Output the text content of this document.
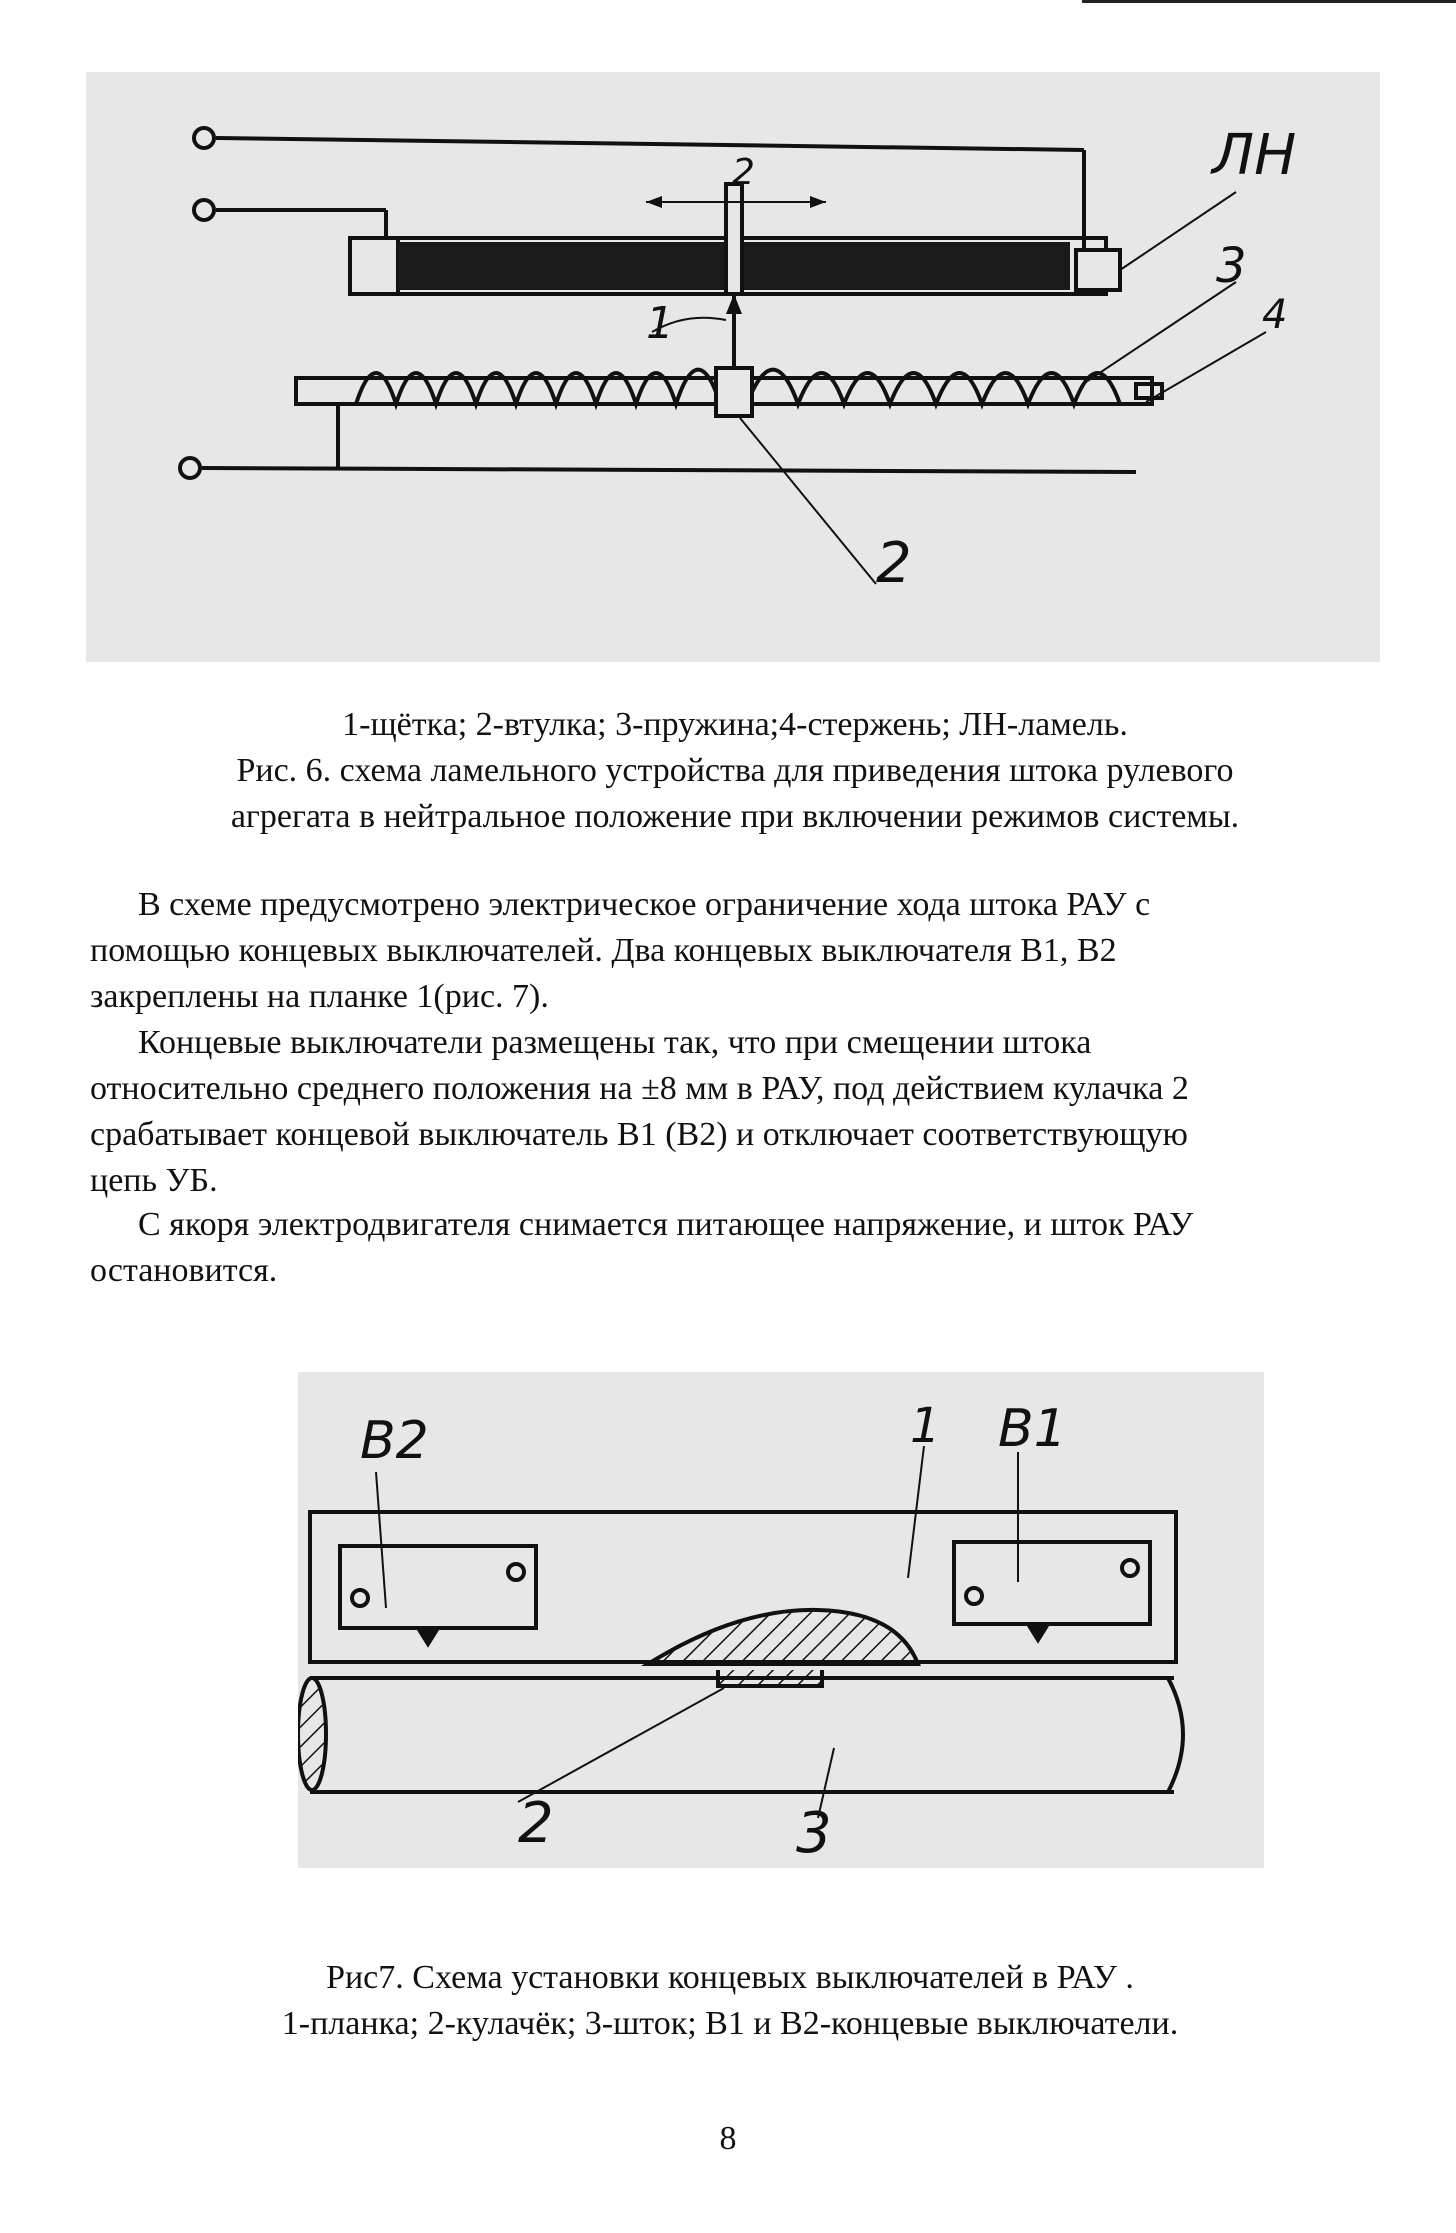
ЛН
3
4
1
2
2
1-щётка; 2-втулка; 3-пружина;4-стержень; ЛН-ламель.
Рис. 6. схема ламельного устройства для приведения штока рулевого
агрегата в нейтральное положение при включении режимов системы.
В схеме предусмотрено электрическое ограничение хода штока РАУ с
помощью концевых выключателей. Два концевых выключателя В1, В2
закреплены на планке 1(рис. 7).
Концевые выключатели размещены так, что при смещении штока
относительно среднего положения на ±8 мм в РАУ, под действием кулачка 2
срабатывает концевой выключатель В1 (В2) и отключает соответствующую
цепь УБ.
С якоря электродвигателя снимается питающее напряжение, и шток РАУ
остановится.
В2	1 В1
2	3
Рис7. Схема установки концевых выключателей в РАУ .
1-планка; 2-кулачёк; 3-шток; В1 и В2-концевые выключатели.
8
